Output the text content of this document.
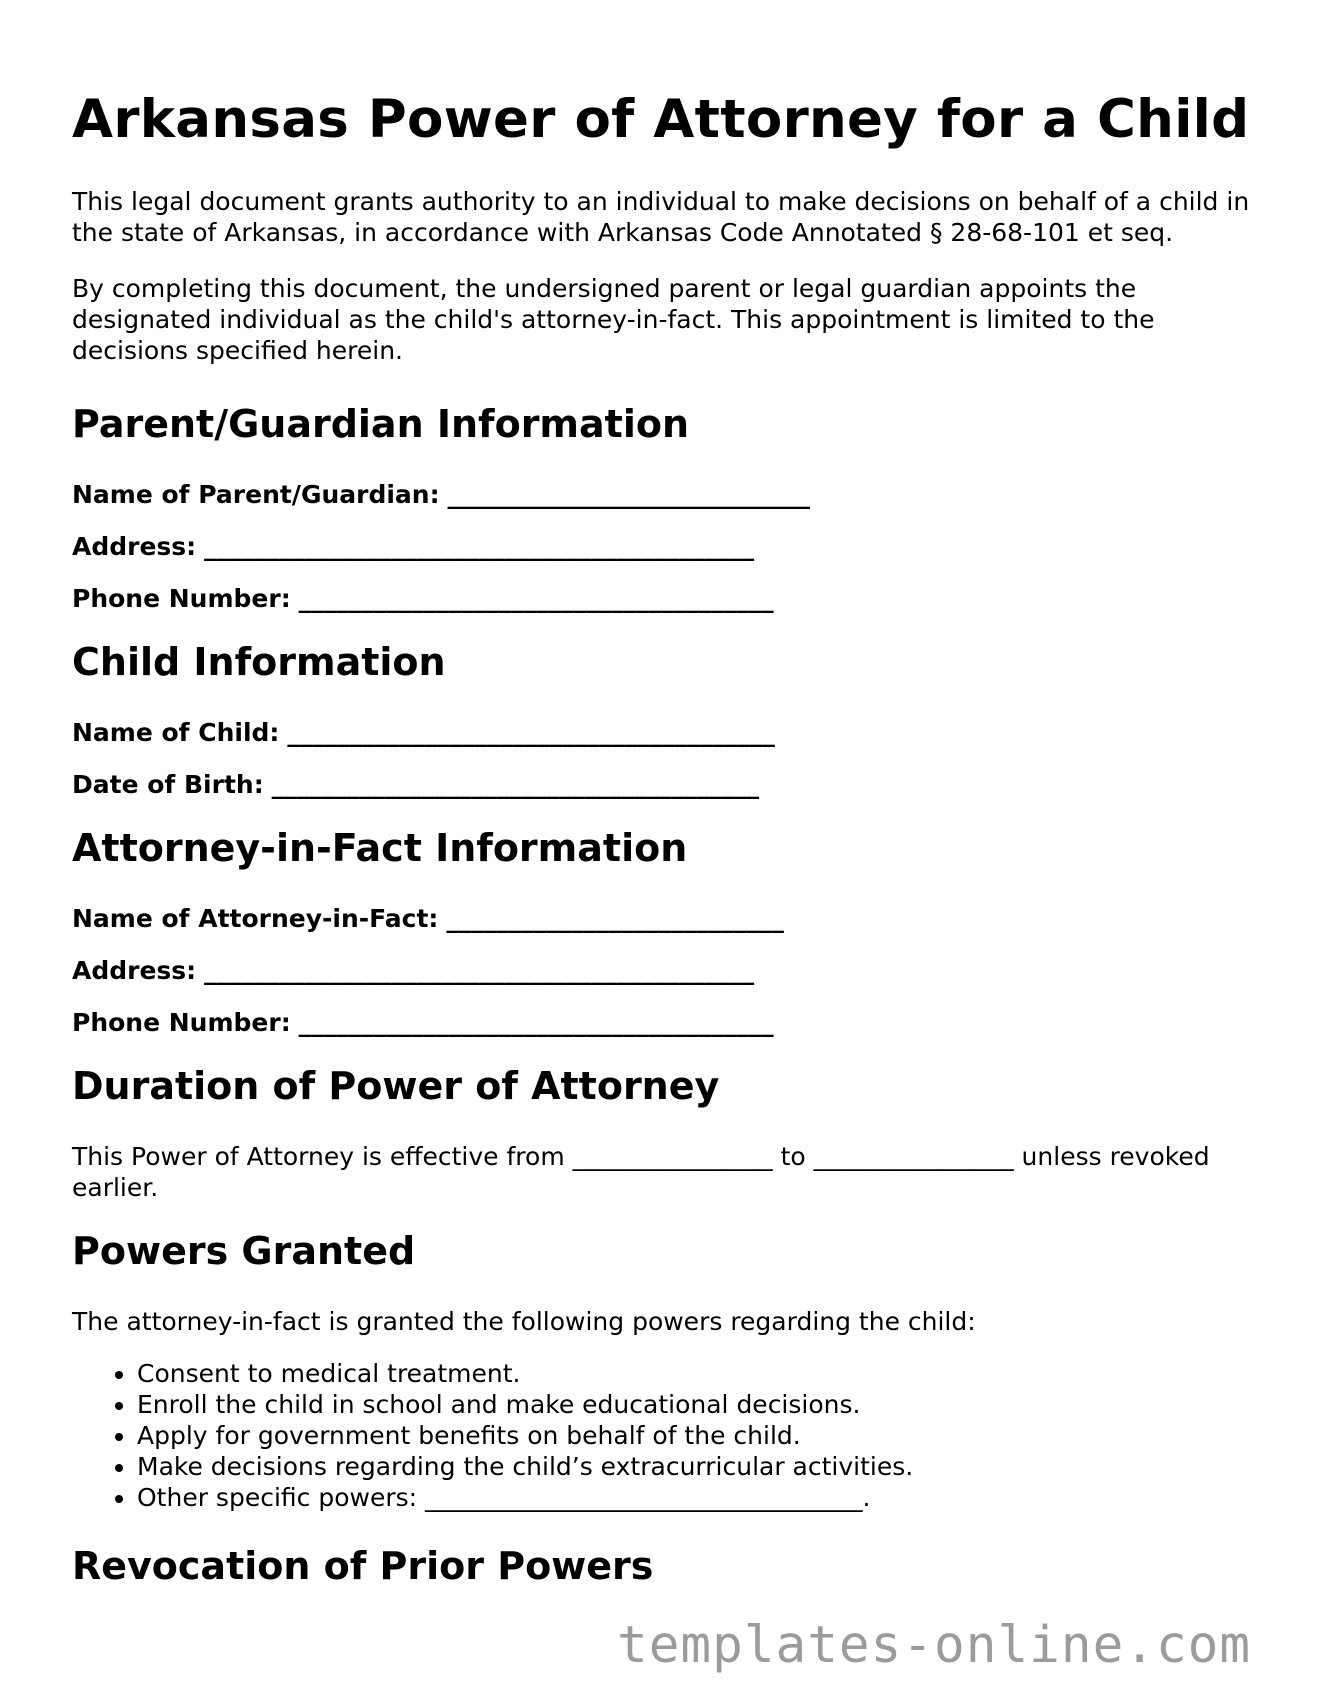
Arkansas Power of Attorney for a Child

This legal document grants authority to an individual to make decisions on behalf of a child in the state of Arkansas, in accordance with Arkansas Code Annotated § 28-68-101 et seq.

By completing this document, the undersigned parent or legal guardian appoints the designated individual as the child's attorney-in-fact. This appointment is limited to the decisions specified herein.

Parent/Guardian Information

Name of Parent/Guardian: _____________________________

Address: ____________________________________________

Phone Number: ______________________________________

Child Information

Name of Child: _______________________________________

Date of Birth: _______________________________________

Attorney-in-Fact Information

Name of Attorney-in-Fact: ___________________________

Address: ____________________________________________

Phone Number: ______________________________________

Duration of Power of Attorney

This Power of Attorney is effective from ________________ to ________________ unless revoked earlier.

Powers Granted

The attorney-in-fact is granted the following powers regarding the child:

• Consent to medical treatment.
• Enroll the child in school and make educational decisions.
• Apply for government benefits on behalf of the child.
• Make decisions regarding the child’s extracurricular activities.
• Other specific powers: ___________________________________.
Revocation of Prior Powers
templates-online.com
